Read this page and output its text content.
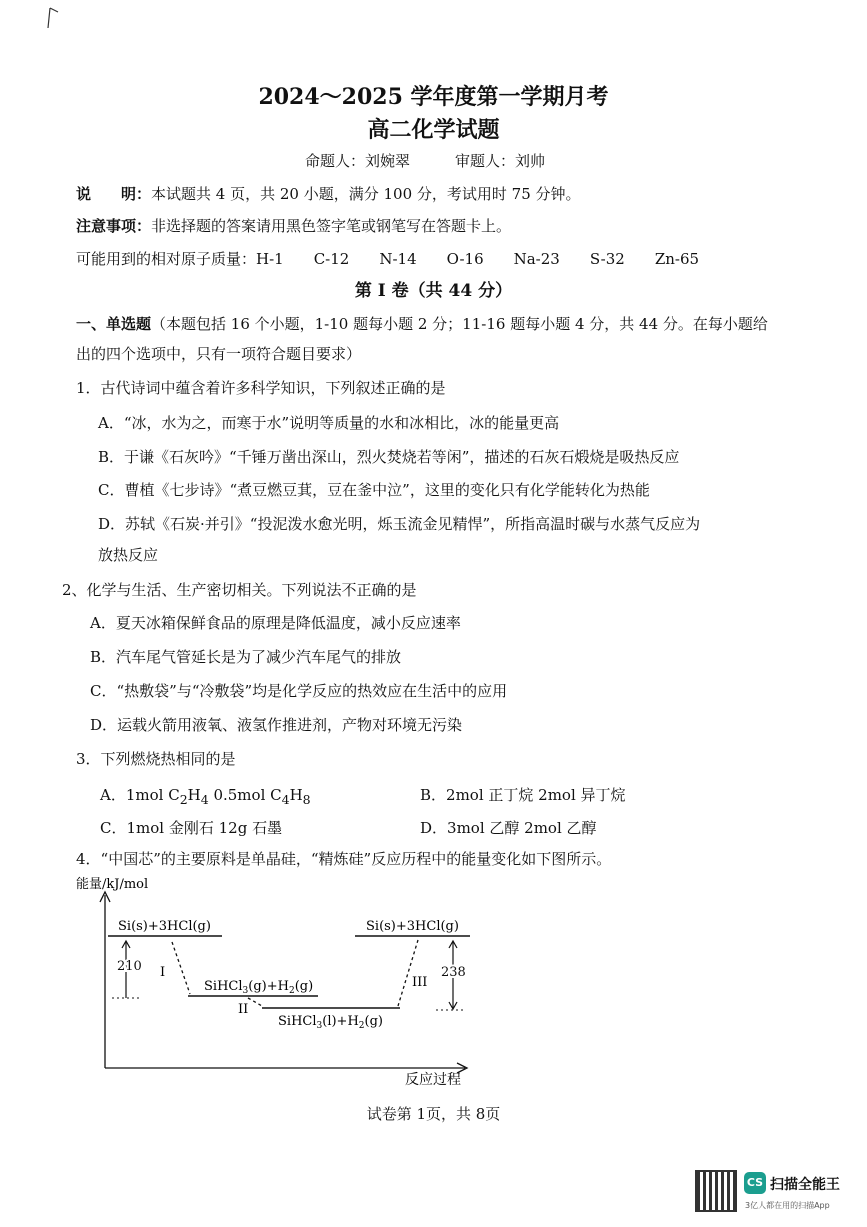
2024～2025 学年度第一学期月考
高二化学试题
命题人：刘婉翠　　　审题人：刘帅
说　　明：本试题共 4 页，共 20 小题，满分 100 分，考试用时 75 分钟。
注意事项：非选择题的答案请用黑色签字笔或钢笔写在答题卡上。
可能用到的相对原子质量：H-1　　C-12　　N-14　　O-16　　Na-23　　S-32　　Zn-65
第 I 卷（共 44 分）
一、单选题（本题包括 16 个小题，1-10 题每小题 2 分；11-16 题每小题 4 分，共 44 分。在每小题给
出的四个选项中，只有一项符合题目要求）
1．古代诗词中蕴含着许多科学知识，下列叙述正确的是
A．“冰，水为之，而寒于水”说明等质量的水和冰相比，冰的能量更高
B．于谦《石灰吟》“千锤万凿出深山，烈火焚烧若等闲”，描述的石灰石煅烧是吸热反应
C．曹植《七步诗》“煮豆燃豆萁，豆在釜中泣”，这里的变化只有化学能转化为热能
D．苏轼《石炭·并引》“投泥泼水愈光明，烁玉流金见精悍”，所指高温时碳与水蒸气反应为
放热反应
2、化学与生活、生产密切相关。下列说法不正确的是
A．夏天冰箱保鲜食品的原理是降低温度，减小反应速率
B．汽车尾气管延长是为了减少汽车尾气的排放
C．“热敷袋”与“冷敷袋”均是化学反应的热效应在生活中的应用
D．运载火箭用液氧、液氢作推进剂，产物对环境无污染
3．下列燃烧热相同的是
A．1mol $C_2H_4$ 0.5mol $C_4H_8$	B．2mol 正丁烷 2mol 异丁烷
C．1mol 金刚石 12g 石墨	D．3mol 乙醇 2mol 乙醇
4．“中国芯”的主要原料是单晶硅，“精炼硅”反应历程中的能量变化如下图所示。
能量/kJ/mol
反应过程
Si(s)+3HCl(g)
$SiHCl_3(g)+H_2(g)$
$SiHCl_3(l)+H_2(g)$
Si(s)+3HCl(g)
I
II
III
210	238
试卷第 1页，共 8页
CS 扫描全能王
3亿人都在用的扫描App
